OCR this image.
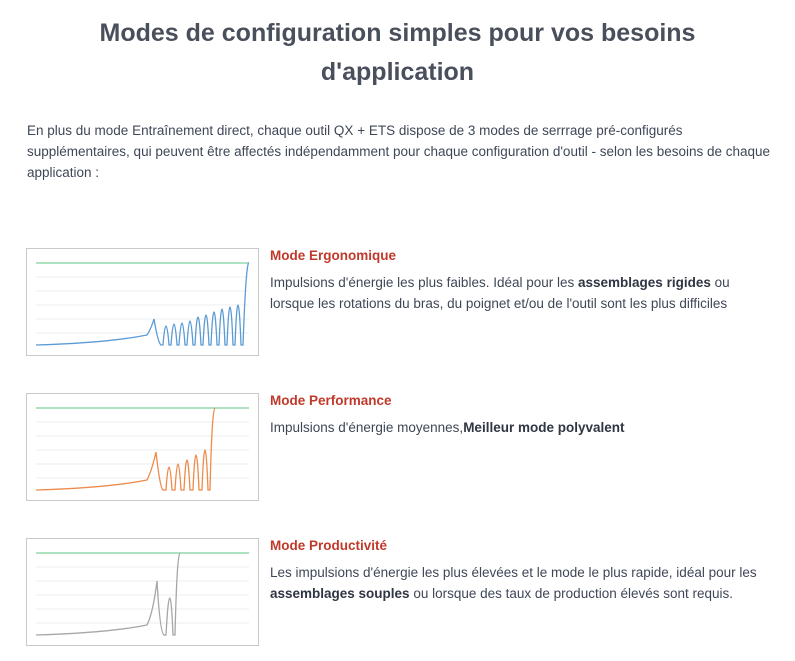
Modes de configuration simples pour vos besoins d'application
En plus du mode Entraînement direct, chaque outil QX + ETS dispose de 3 modes de serrrage pré-configurés supplémentaires, qui peuvent être affectés indépendamment pour chaque configuration d'outil - selon les besoins de chaque application :
Mode Ergonomique
Impulsions d'énergie les plus faibles. Idéal pour les assemblages rigides ou lorsque les rotations du bras, du poignet et/ou de l'outil sont les plus difficiles
Mode Performance
Impulsions d'énergie moyennes,Meilleur mode polyvalent
Mode Productivité
Les impulsions d'énergie les plus élevées et le mode le plus rapide, idéal pour les assemblages souples ou lorsque des taux de production élevés sont requis.
